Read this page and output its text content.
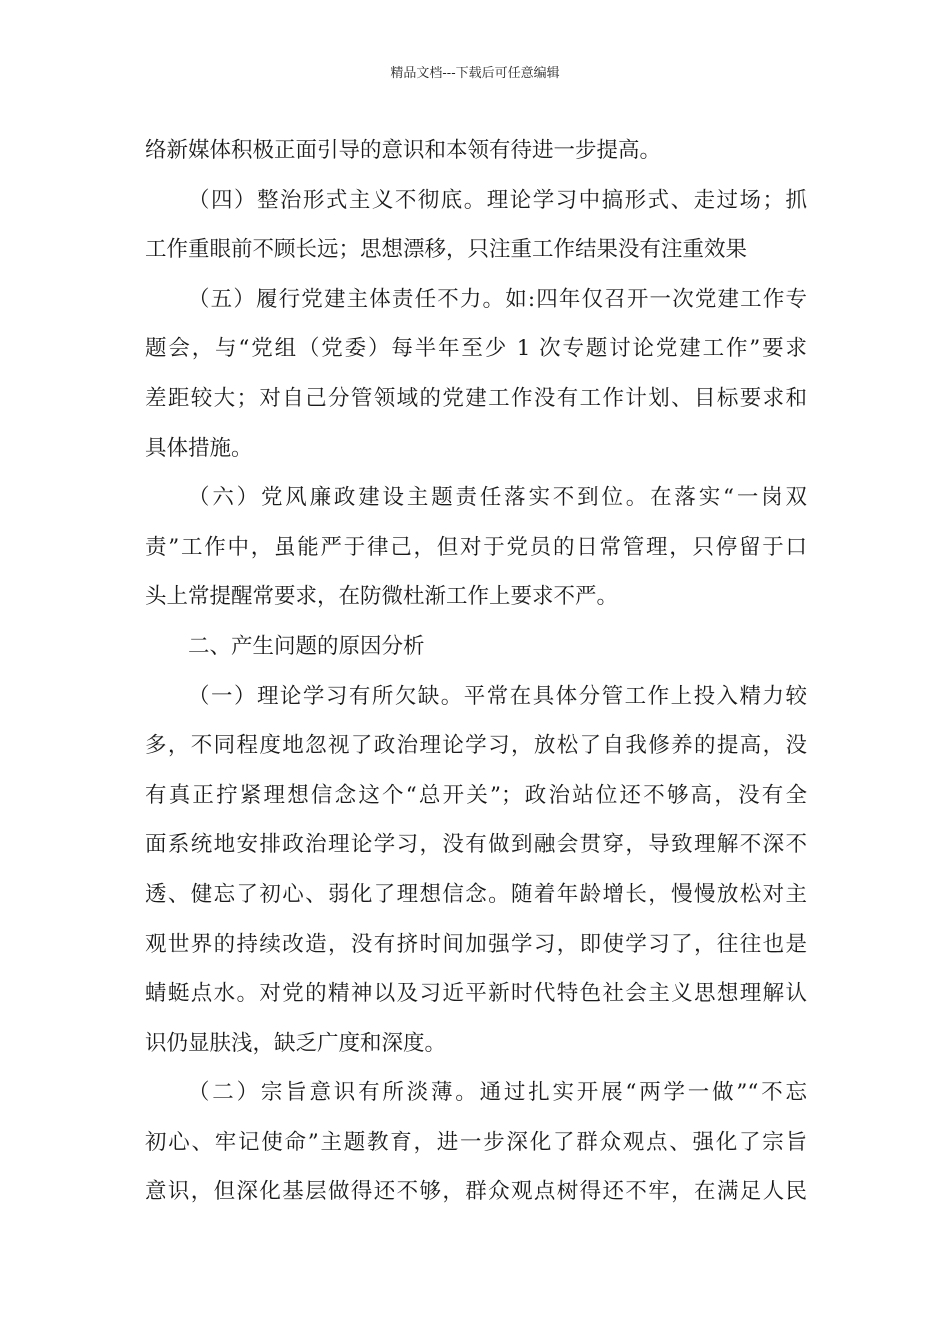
精品文档---下载后可任意编辑
络新媒体积极正面引导的意识和本领有待进一步提高。
（四）整治形式主义不彻底。理论学习中搞形式、走过场；抓
工作重眼前不顾长远；思想漂移，只注重工作结果没有注重效果
（五）履行党建主体责任不力。如:四年仅召开一次党建工作专
题会，与“党组（党委）每半年至少 1 次专题讨论党建工作”要求
差距较大；对自己分管领域的党建工作没有工作计划、目标要求和
具体措施。
（六）党风廉政建设主题责任落实不到位。在落实“一岗双
责”工作中，虽能严于律己，但对于党员的日常管理，只停留于口
头上常提醒常要求，在防微杜渐工作上要求不严。
二、产生问题的原因分析
（一）理论学习有所欠缺。平常在具体分管工作上投入精力较
多，不同程度地忽视了政治理论学习，放松了自我修养的提高，没
有真正拧紧理想信念这个“总开关”；政治站位还不够高，没有全
面系统地安排政治理论学习，没有做到融会贯穿，导致理解不深不
透、健忘了初心、弱化了理想信念。随着年龄增长，慢慢放松对主
观世界的持续改造，没有挤时间加强学习，即使学习了，往往也是
蜻蜓点水。对党的精神以及习近平新时代特色社会主义思想理解认
识仍显肤浅，缺乏广度和深度。
（二）宗旨意识有所淡薄。通过扎实开展“两学一做”“不忘
初心、牢记使命”主题教育，进一步深化了群众观点、强化了宗旨
意识，但深化基层做得还不够，群众观点树得还不牢，在满足人民
